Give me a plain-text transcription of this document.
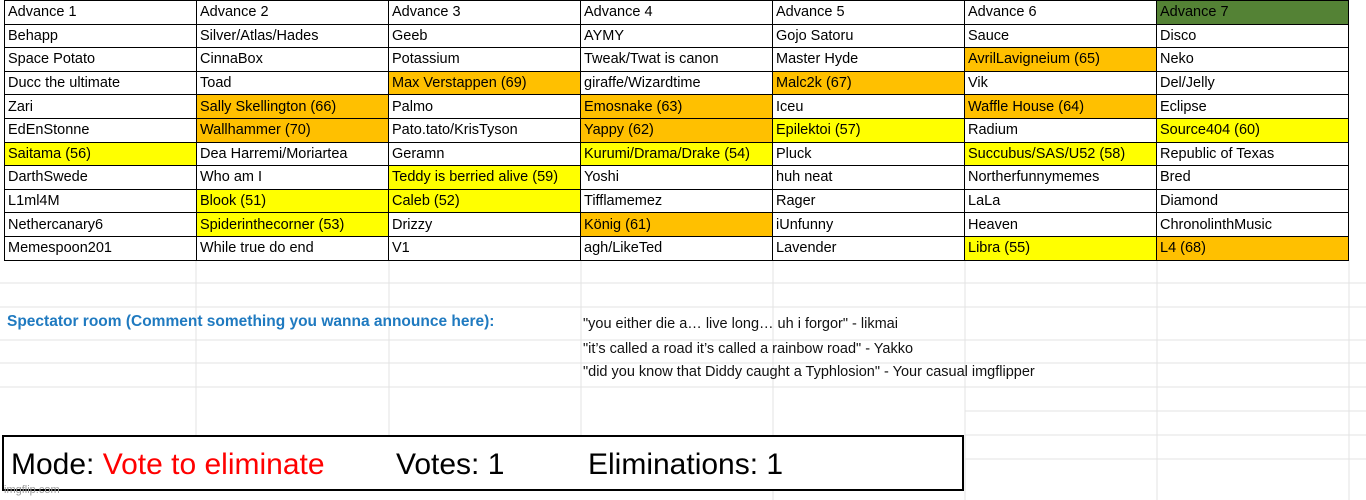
Advance 1	Advance 2	Advance 3	Advance 4	Advance 5	Advance 6	Advance 7
Behapp	Silver/Atlas/Hades	Geeb	AYMY	Gojo Satoru	Sauce	Disco
Space Potato	CinnaBox	Potassium	Tweak/Twat is canon	Master Hyde	AvrilLavigneium (65)	Neko
Ducc the ultimate	Toad	Max Verstappen (69)	giraffe/Wizardtime	Malc2k (67)	Vik	Del/Jelly
Zari	Sally Skellington (66)	Palmo	Emosnake (63)	Iceu	Waffle House (64)	Eclipse
EdEnStonne	Wallhammer (70)	Pato.tato/KrisTyson	Yappy (62)	Epilektoi (57)	Radium	Source404 (60)
Saitama (56)	Dea Harremi/Moriartea	Geramn	Kurumi/Drama/Drake (54)	Pluck	Succubus/SAS/U52 (58)	Republic of Texas
DarthSwede	Who am I	Teddy is berried alive (59)	Yoshi	huh neat	Northerfunnymemes	Bred
L1ml4M	Blook (51)	Caleb (52)	Tifflamemez	Rager	LaLa	Diamond
Nethercanary6	Spiderinthecorner (53)	Drizzy	König (61)	iUnfunny	Heaven	ChronolinthMusic
Memespoon201	While true do end	V1	agh/LikeTed	Lavender	Libra (55)	L4 (68)
Spectator room (Comment something you wanna announce here):	"you either die a… live long… uh i forgor" - likmai
"it’s called a road it’s called a rainbow road" - Yakko
"did you know that Diddy caught a Typhlosion" - Your casual imgflipper
Mode: Vote to eliminate Votes: 1	Eliminations: 1
imgflip.com
